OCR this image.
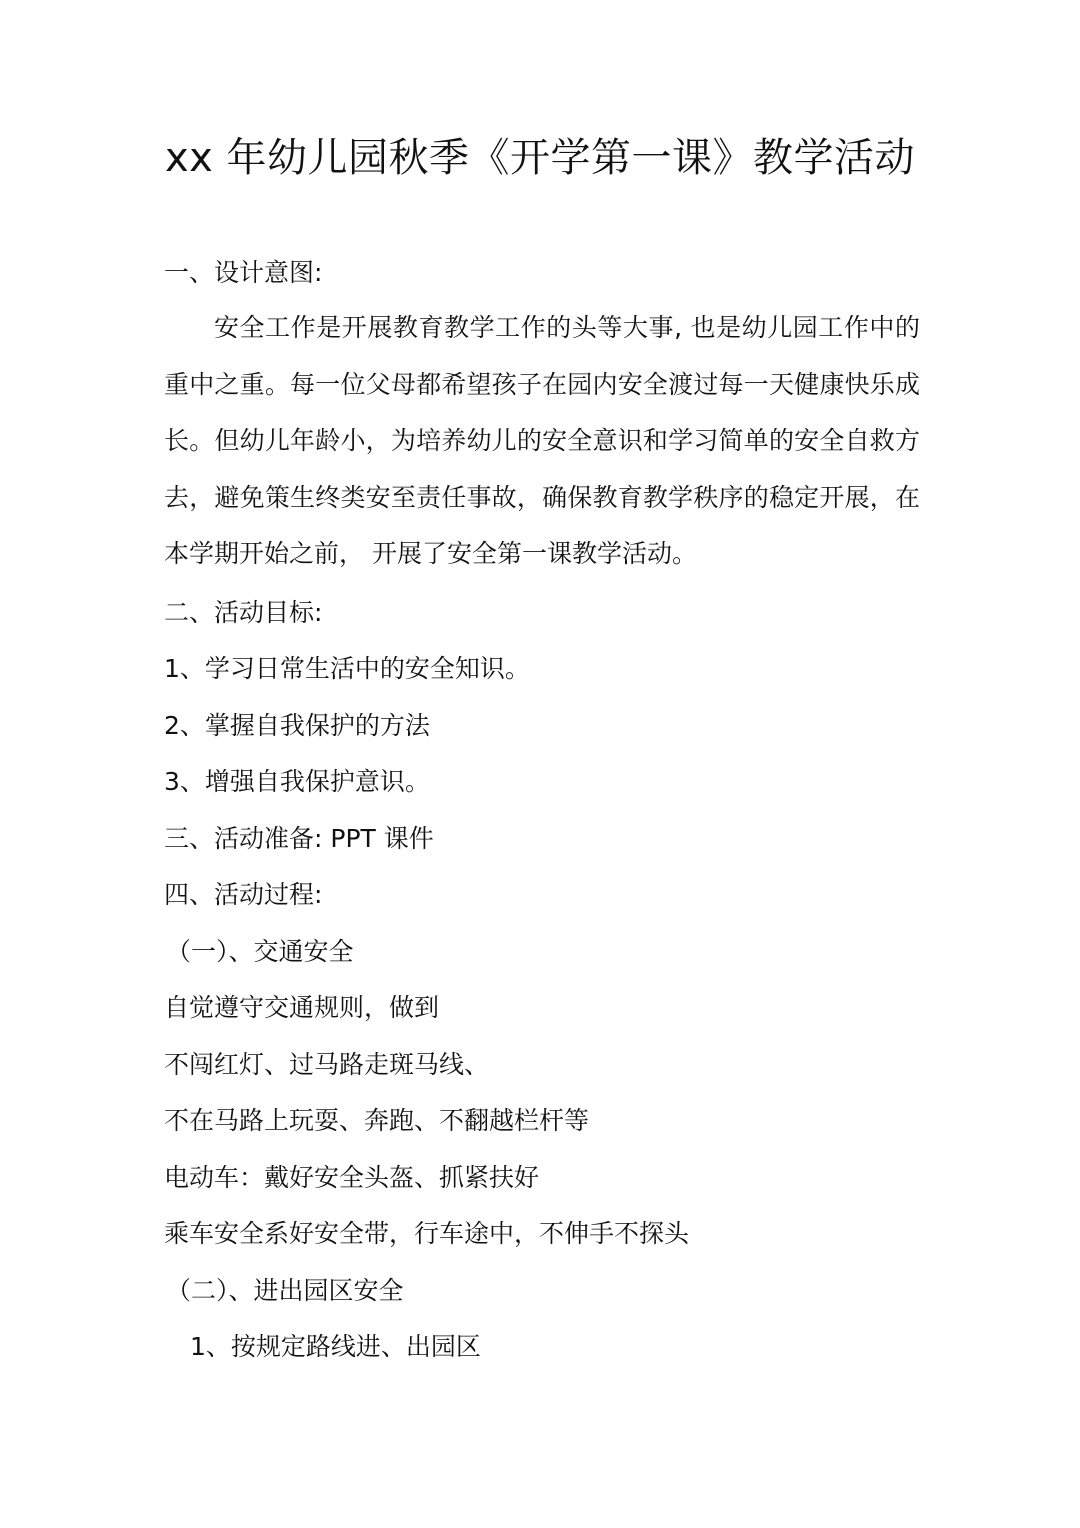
xx 年幼儿园秋季《开学第一课》教学活动
一、设计意图:
安全工作是开展教育教学工作的头等大事, 也是幼儿园工作中的重中之重。每一位父母都希望孩子在园内安全渡过每一天健康快乐成长。但幼儿年龄小，为培养幼儿的安全意识和学习简单的安全自救方去，避免策生终类安至责任事故，确保教育教学秩序的稳定开展，在本学期开始之前， 开展了安全第一课教学活动。
二、活动目标:
1、学习日常生活中的安全知识。
2、掌握自我保护的方法
3、增强自我保护意识。
三、活动准备: PPT 课件
四、活动过程:
（一）、交通安全
自觉遵守交通规则，做到
不闯红灯、过马路走斑马线、
不在马路上玩耍、奔跑、不翻越栏杆等
电动车：戴好安全头盔、抓紧扶好
乘车安全系好安全带，行车途中，不伸手不探头
（二）、进出园区安全
1、按规定路线进、出园区
